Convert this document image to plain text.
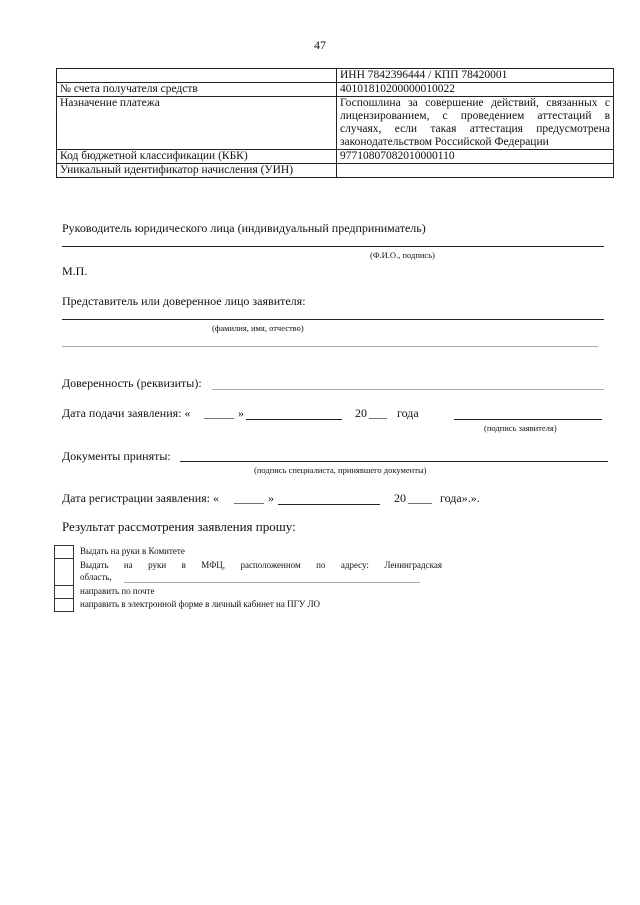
47
	ИНН 7842396444 / КПП 78420001
№ счета получателя средств	40101810200000010022
Назначение платежа	Госпошлина за совершение действий, связанных с лицензированием, с проведением аттестаций в случаях, если такая аттестация предусмотрена законодательством Российской Федерации
Код бюджетной классификации (КБК)	97710807082010000110
Уникальный идентификатор начисления (УИН)	
Руководитель юридического лица (индивидуальный предприниматель)
(Ф.И.О., подпись)
М.П.
Представитель или доверенное лицо заявителя:
(фамилия, имя, отчество)
Доверенность (реквизиты):
Дата подачи заявления: « _____ »	20 ___ года
(подпись заявителя)
Документы приняты:
(подпись специалиста, принявшего документы)
Дата регистрации заявления: « _____ »	20 ____ года».».
Результат рассмотрения заявления прошу:
Выдать на руки в Комитете
Выдать на руки в МФЦ, расположенном по адресу: Ленинградская
область,
направить по почте
направить в электронной форме в личный кабинет на ПГУ ЛО
